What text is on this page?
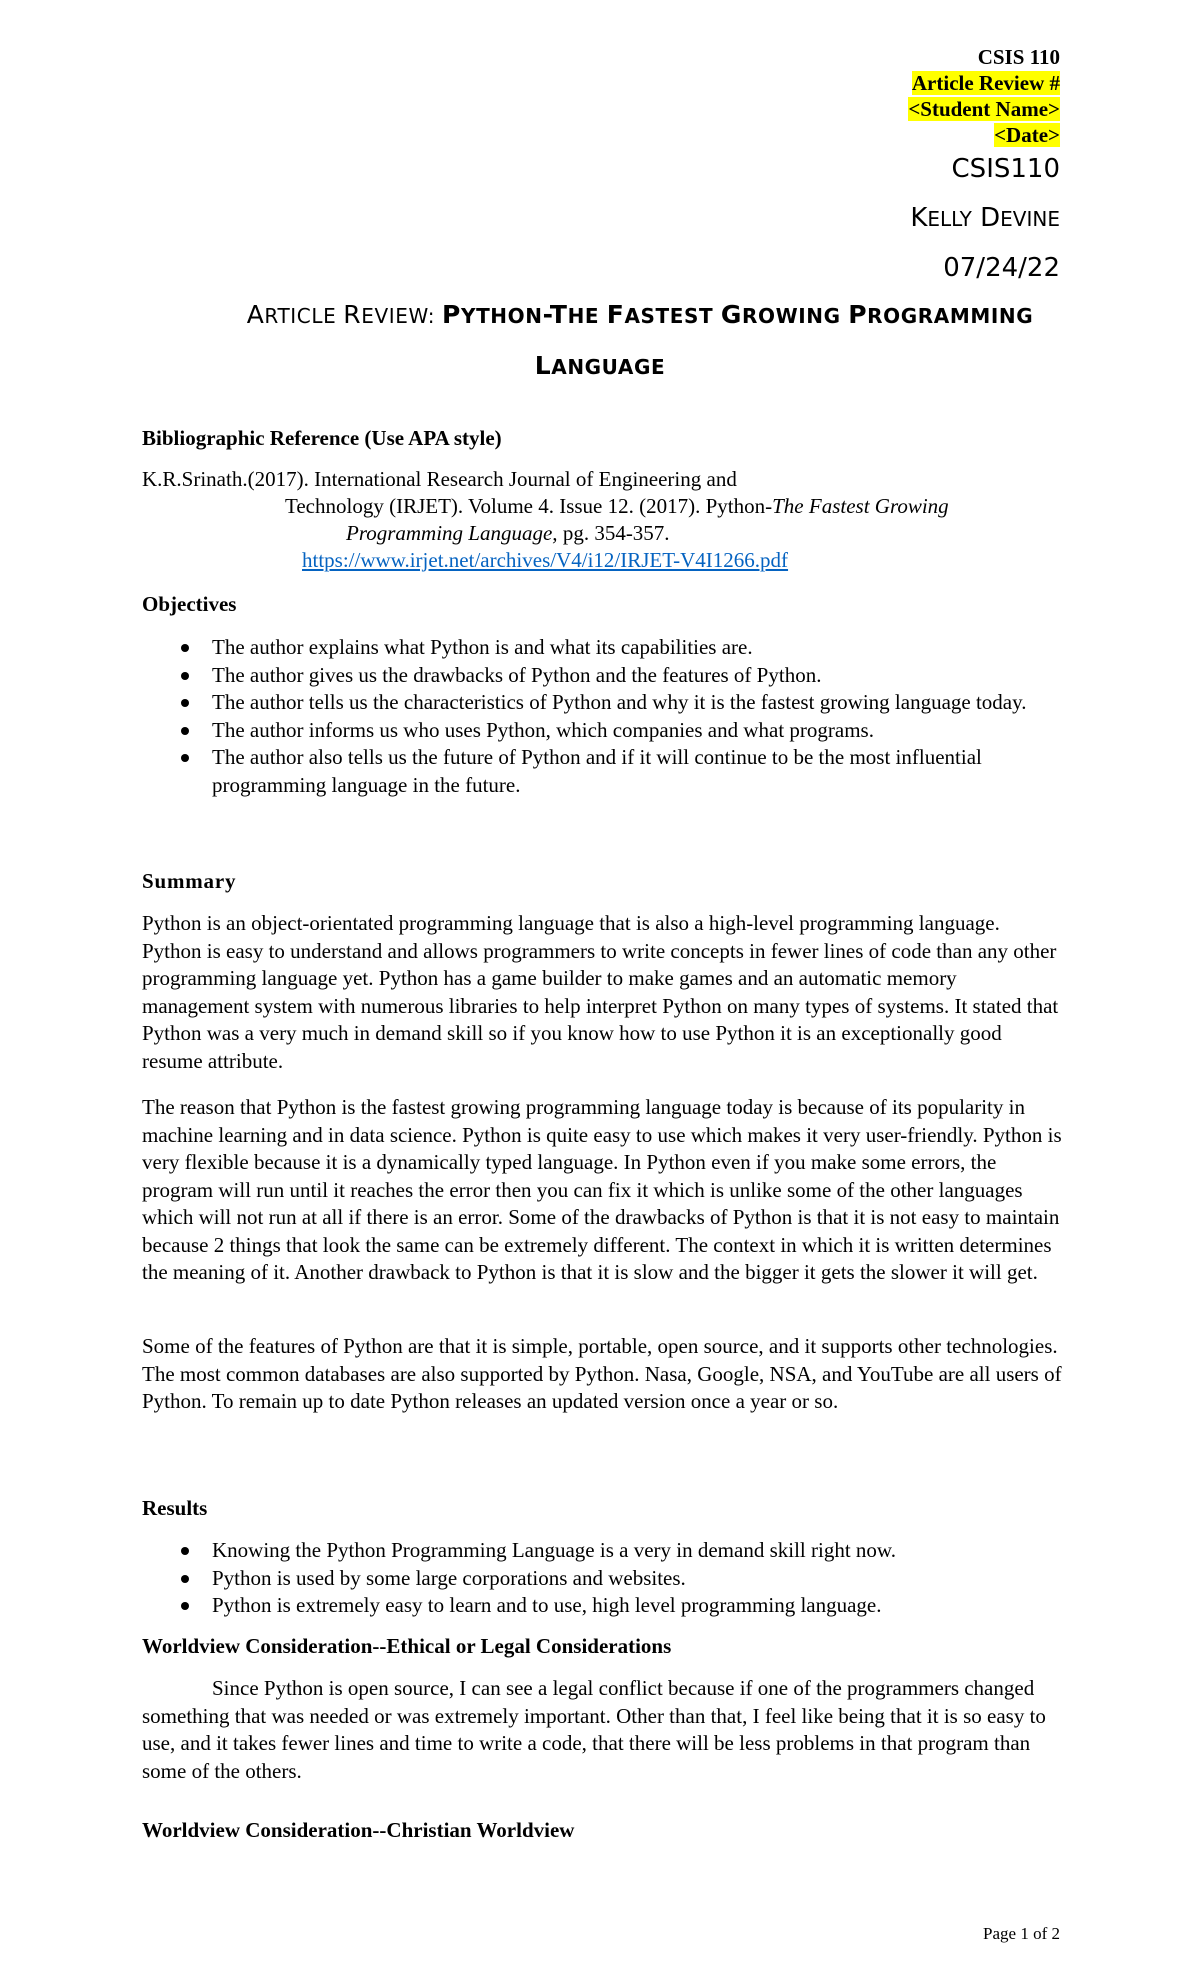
CSIS 110
Article Review #
<Student Name>
<Date>
CSIS110
KELLY DEVINE
07/24/22
ARTICLE REVIEW: PYTHON-THE FASTEST GROWING PROGRAMMING
LANGUAGE
Bibliographic Reference (Use APA style)
K.R.Srinath.(2017). International Research Journal of Engineering and
Technology (IRJET). Volume 4. Issue 12. (2017). Python-The Fastest Growing
Programming Language, pg. 354-357.
https://www.irjet.net/archives/V4/i12/IRJET-V4I1266.pdf
Objectives
The author explains what Python is and what its capabilities are.
The author gives us the drawbacks of Python and the features of Python.
The author tells us the characteristics of Python and why it is the fastest growing language today.
The author informs us who uses Python, which companies and what programs.
The author also tells us the future of Python and if it will continue to be the most influential programming language in the future.
Summary
Python is an object-orientated programming language that is also a high-level programming language. Python is easy to understand and allows programmers to write concepts in fewer lines of code than any other programming language yet. Python has a game builder to make games and an automatic memory management system with numerous libraries to help interpret Python on many types of systems. It stated that Python was a very much in demand skill so if you know how to use Python it is an exceptionally good resume attribute.
The reason that Python is the fastest growing programming language today is because of its popularity in machine learning and in data science. Python is quite easy to use which makes it very user-friendly. Python is very flexible because it is a dynamically typed language. In Python even if you make some errors, the program will run until it reaches the error then you can fix it which is unlike some of the other languages which will not run at all if there is an error. Some of the drawbacks of Python is that it is not easy to maintain because 2 things that look the same can be extremely different. The context in which it is written determines the meaning of it. Another drawback to Python is that it is slow and the bigger it gets the slower it will get.
Some of the features of Python are that it is simple, portable, open source, and it supports other technologies. The most common databases are also supported by Python. Nasa, Google, NSA, and YouTube are all users of Python. To remain up to date Python releases an updated version once a year or so.
Results
Knowing the Python Programming Language is a very in demand skill right now.
Python is used by some large corporations and websites.
Python is extremely easy to learn and to use, high level programming language.
Worldview Consideration--Ethical or Legal Considerations
Since Python is open source, I can see a legal conflict because if one of the programmers changed something that was needed or was extremely important. Other than that, I feel like being that it is so easy to use, and it takes fewer lines and time to write a code, that there will be less problems in that program than some of the others.
Worldview Consideration--Christian Worldview
Page 1 of 2
